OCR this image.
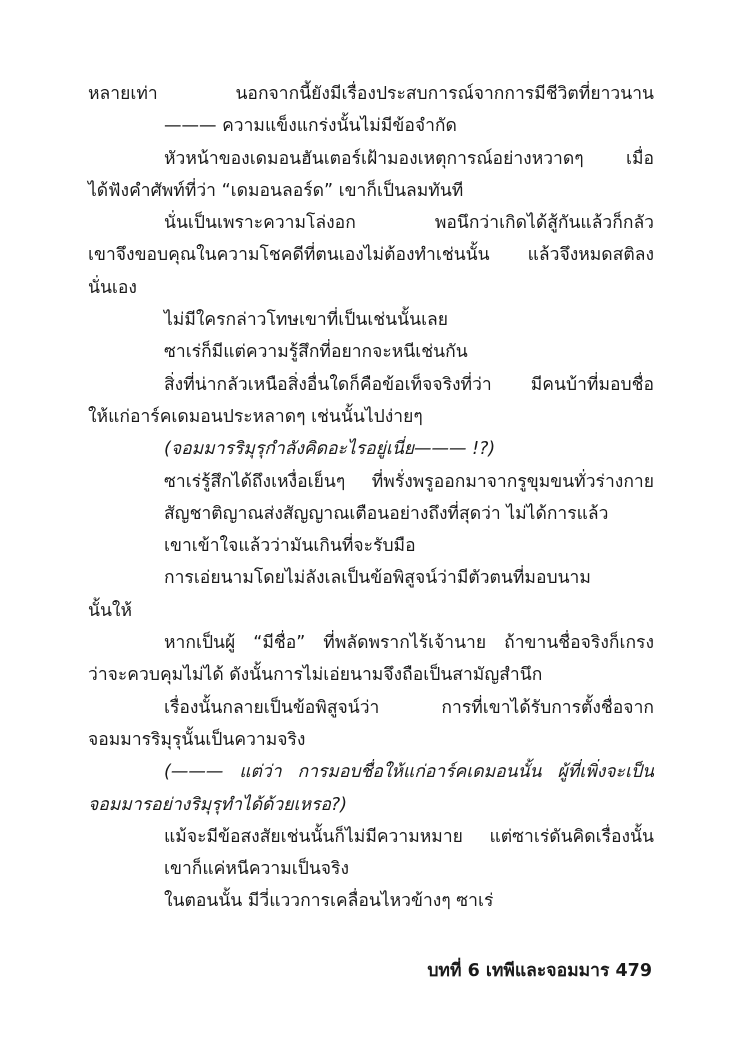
หลายเท่า นอกจากนี้ยังมีเรื่องประสบการณ์จากการมีชีวิตที่ยาวนาน
——— ความแข็งแกร่งนั้นไม่มีข้อจำกัด
หัวหน้าของเดมอนฮันเตอร์เฝ้ามองเหตุการณ์อย่างหวาดๆ เมื่อ
ได้ฟังคำศัพท์ที่ว่า “เดมอนลอร์ด” เขาก็เป็นลมทันที
นั่นเป็นเพราะความโล่งอก พอนึกว่าเกิดได้สู้กันแล้วก็กลัว
เขาจึงขอบคุณในความโชคดีที่ตนเองไม่ต้องทำเช่นนั้น แล้วจึงหมดสติลง
นั่นเอง
ไม่มีใครกล่าวโทษเขาที่เป็นเช่นนั้นเลย
ซาเร่ก็มีแต่ความรู้สึกที่อยากจะหนีเช่นกัน
สิ่งที่น่ากลัวเหนือสิ่งอื่นใดก็คือข้อเท็จจริงที่ว่า มีคนบ้าที่มอบชื่อ
ให้แก่อาร์คเดมอนประหลาดๆ เช่นนั้นไปง่ายๆ
(จอมมารริมุรุกำลังคิดอะไรอยู่เนี่ย——— !?)
ซาเร่รู้สึกได้ถึงเหงื่อเย็นๆ ที่พรั่งพรูออกมาจากรูขุมขนทั่วร่างกาย
สัญชาติญาณส่งสัญญาณเตือนอย่างถึงที่สุดว่า ไม่ได้การแล้ว
เขาเข้าใจแล้วว่ามันเกินที่จะรับมือ
การเอ่ยนามโดยไม่ลังเลเป็นข้อพิสูจน์ว่ามีตัวตนที่มอบนาม
นั้นให้
หากเป็นผู้ “มีชื่อ” ที่พลัดพรากไร้เจ้านาย ถ้าขานชื่อจริงก็เกรง
ว่าจะควบคุมไม่ได้ ดังนั้นการไม่เอ่ยนามจึงถือเป็นสามัญสำนึก
เรื่องนั้นกลายเป็นข้อพิสูจน์ว่า การที่เขาได้รับการตั้งชื่อจาก
จอมมารริมุรุนั้นเป็นความจริง
(——— แต่ว่า การมอบชื่อให้แก่อาร์คเดมอนนั้น ผู้ที่เพิ่งจะเป็น
จอมมารอย่างริมุรุทำได้ด้วยเหรอ?)
แม้จะมีข้อสงสัยเช่นนั้นก็ไม่มีความหมาย แต่ซาเร่ดันคิดเรื่องนั้น
เขาก็แค่หนีความเป็นจริง
ในตอนนั้น มีวี่แววการเคลื่อนไหวข้างๆ ซาเร่
บทที่ 6 เทพีและจอมมาร 479
